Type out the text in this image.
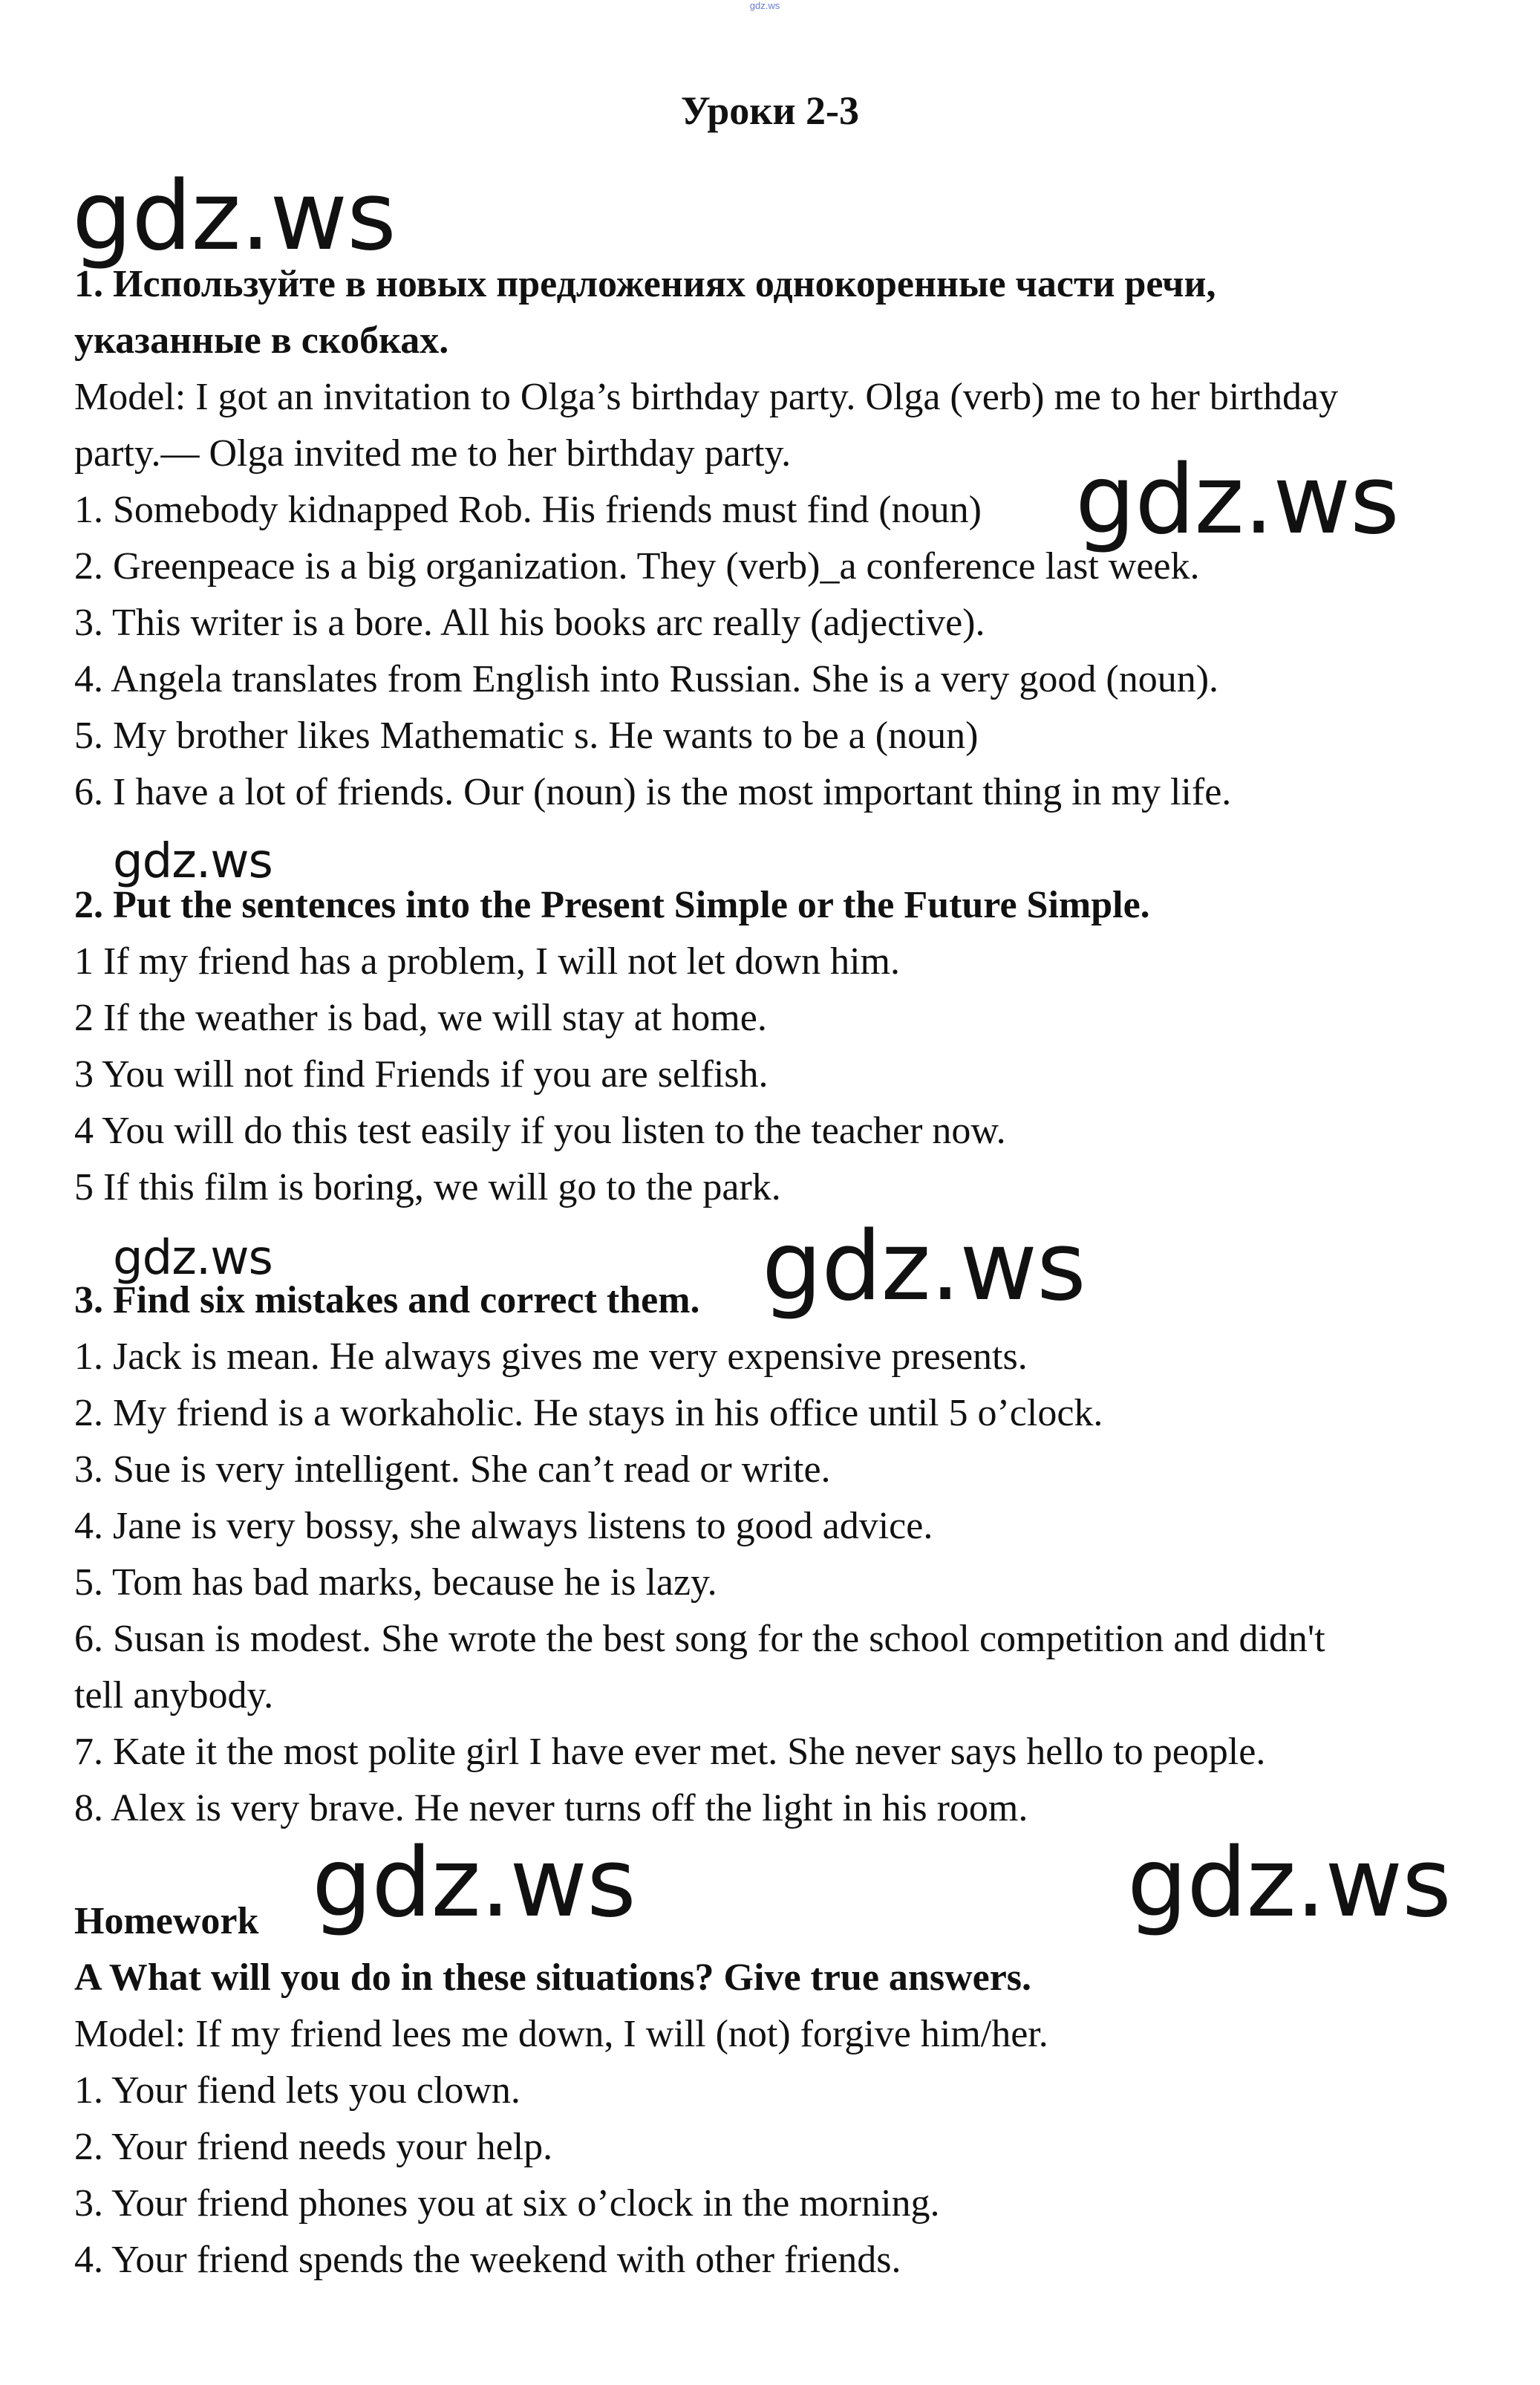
gdz.ws
Уроки 2-3
gdz.ws
gdz.ws
gdz.ws
gdz.ws	gdz.ws
gdz.ws	gdz.ws

1. Используйте в новых предложениях однокоренные части речи,

указанные в скобках.

Model: I got an invitation to Olga’s birthday party. Olga (verb) me to her birthday

party.— Olga invited me to her birthday party.

1. Somebody kidnapped Rob. His friends must find (noun)

2. Greenpeace is a big organization. They (verb)_a conference last week.

3. This writer is a bore. All his books arc really (adjective).

4. Angela translates from English into Russian. She is a very good (noun).

5. My brother likes Mathematic s. He wants to be a (noun)

6. I have a lot of friends. Our (noun) is the most important thing in my life.

2. Put the sentences into the Present Simple or the Future Simple.

1 If my friend has a problem, I will not let down him.

2 If the weather is bad, we will stay at home.

3 You will not find Friends if you are selfish.

4 You will do this test easily if you listen to the teacher now.

5 If this film is boring, we will go to the park.

3. Find six mistakes and correct them.

1. Jack is mean. He always gives me very expensive presents.

2. My friend is a workaholic. He stays in his office until 5 o’clock.

3. Sue is very intelligent. She can’t read or write.

4. Jane is very bossy, she always listens to good advice.

5. Tom has bad marks, because he is lazy.

6. Susan is modest. She wrote the best song for the school competition and didn't

tell anybody.

7. Kate it the most polite girl I have ever met. She never says hello to people.

8. Alex is very brave. He never turns off the light in his room.

Homework

A What will you do in these situations? Give true answers.

Model: If my friend lees me down, I will (not) forgive him/her.

1. Your fiend lets you clown.

2. Your friend needs your help.

3. Your friend phones you at six o’clock in the morning.

4. Your friend spends the weekend with other friends.
